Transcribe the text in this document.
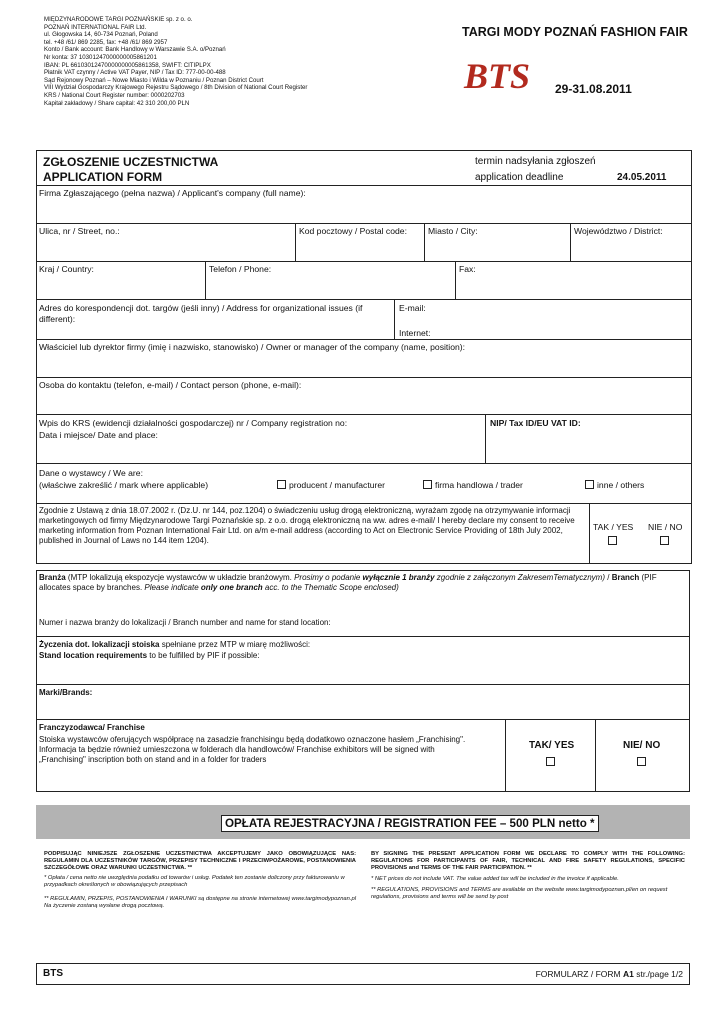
MIĘDZYNARODOWE TARGI POZNAŃSKIE sp. z o. o.
POZNAŃ INTERNATIONAL FAIR Ltd.
ul. Głogowska 14, 60-734 Poznań, Poland
tel. +48 /61/ 869 2285, fax: +48 /61/ 869 2957
Konto / Bank account: Bank Handlowy w Warszawie S.A. o/Poznań
Nr konta: 37 10301247000000005861201
IBAN: PL 66103012470000000005861358, SWIFT: CITIPLPX
Płatnik VAT czynny / Active VAT Payer, NIP / Tax ID: 777-00-00-488
Sąd Rejonowy Poznań – Nowe Miasto i Wilda w Poznaniu / Poznan District Court
VIII Wydział Gospodarczy Krajowego Rejestru Sądowego / 8th Division of National Court Register
KRS / National Court Register number: 0000202703
Kapitał zakładowy / Share capital: 42 310 200,00 PLN
TARGI MODY POZNAŃ FASHION FAIR
BTS 29-31.08.2011
ZGŁOSZENIE UCZESTNICTWA
APPLICATION FORM
termin nadsyłania zgłoszeń
application deadline	24.05.2011
Firma Zgłaszającego (pełna nazwa) / Applicant's company (full name):
Ulica, nr / Street, no.:	Kod pocztowy / Postal code:	Miasto / City:	Województwo / District:
Kraj / Country:	Telefon / Phone:	Fax:
Adres do korespondencji dot. targów (jeśli inny) / Address for organizational issues (if different):
E-mail:
Internet:
Właściciel lub dyrektor firmy (imię i nazwisko, stanowisko) / Owner or manager of the company (name, position):
Osoba do kontaktu (telefon, e-mail) / Contact person (phone, e-mail):
Wpis do KRS (ewidencji działalności gospodarczej) nr / Company registration no:
Data i miejsce/ Date and place:
NIP/ Tax ID/EU VAT ID:
Dane o wystawcy / We are:
(właściwe zakreślić / mark where applicable)	producent / manufacturer	firma handlowa / trader	inne / others
Zgodnie z Ustawą z dnia 18.07.2002 r. (Dz.U. nr 144, poz.1204) o świadczeniu usług drogą elektroniczną, wyrażam zgodę na otrzymywanie informacji marketingowych od firmy Międzynarodowe Targi Poznańskie sp. z o.o. drogą elektroniczną na ww. adres e-mail/ I hereby declare my consent to receive marketing information from Poznan International Fair Ltd. on a/m e-mail address (according to Act on Electronic Service Providing of 18th July 2002, published in Journal of Laws no 144 item 1204).
TAK / YES	NIE / NO
Branża (MTP lokalizują ekspozycje wystawców w układzie branżowym. Prosimy o podanie wyłącznie 1 branży zgodnie z załączonym ZakresemTematycznym) / Branch (PIF allocates space by branches. Please indicate only one branch acc. to the Thematic Scope enclosed)
Numer i nazwa branży do lokalizacji / Branch number and name for stand location:
Życzenia dot. lokalizacji stoiska spełniane przez MTP w miarę możliwości:
Stand location requirements to be fulfilled by PIF if possible:
Marki/Brands:
Franczyzodawca/ Franchise
Stoiska wystawców oferujących współpracę na zasadzie franchisingu będą dodatkowo oznaczone hasłem „Franchising". Informacja ta będzie również umieszczona w folderach dla handlowców/ Franchise exhibitors will be signed with „Franchising" inscription both on stand and in a folder for traders
TAK/ YES	NIE/ NO
OPŁATA REJESTRACYJNA / REGISTRATION FEE – 500 PLN netto *
PODPISUJĄC NINIEJSZE ZGŁOSZENIE UCZESTNICTWA AKCEPTUJEMY JAKO OBOWIĄZUJĄCE NAS: REGULAMIN DLA UCZESTNIKÓW TARGÓW, PRZEPISY TECHNICZNE I PRZECIWPOŻAROWE, POSTANOWIENIA SZCZEGÓŁOWE ORAZ WARUNKI UCZESTNICTWA. **
* Opłata / cena netto nie uwzględnia podatku od towarów i usług. Podatek ten zostanie doliczony przy fakturowaniu w przypadkach określonych w obowiązujących przepisach
** REGULAMIN, PRZEPIS, POSTANOWIENIA I WARUNKI są dostępne na stronie internetowej www.targimodypoznan.pl Na życzenie zostaną wysłane drogą pocztową.
BY SIGNING THE PRESENT APPLICATION FORM WE DECLARE TO COMPLY WITH THE FOLLOWING: REGULATIONS FOR PARTICIPANTS OF FAIR, TECHNICAL AND FIRE SAFETY REGULATIONS, SPECIFIC PROVISIONS and TERMS OF THE FAIR PARTICIPATION. **
* NET prices do not include VAT. The value added tax will be included in the invoice if applicable.
** REGULATIONS, PROVISIONS and TERMS are available on the website www.targimodypoznan.pl/en on request regulations, provisions and terms will be send by post
BTS	FORMULARZ / FORM A1 str./page 1/2
